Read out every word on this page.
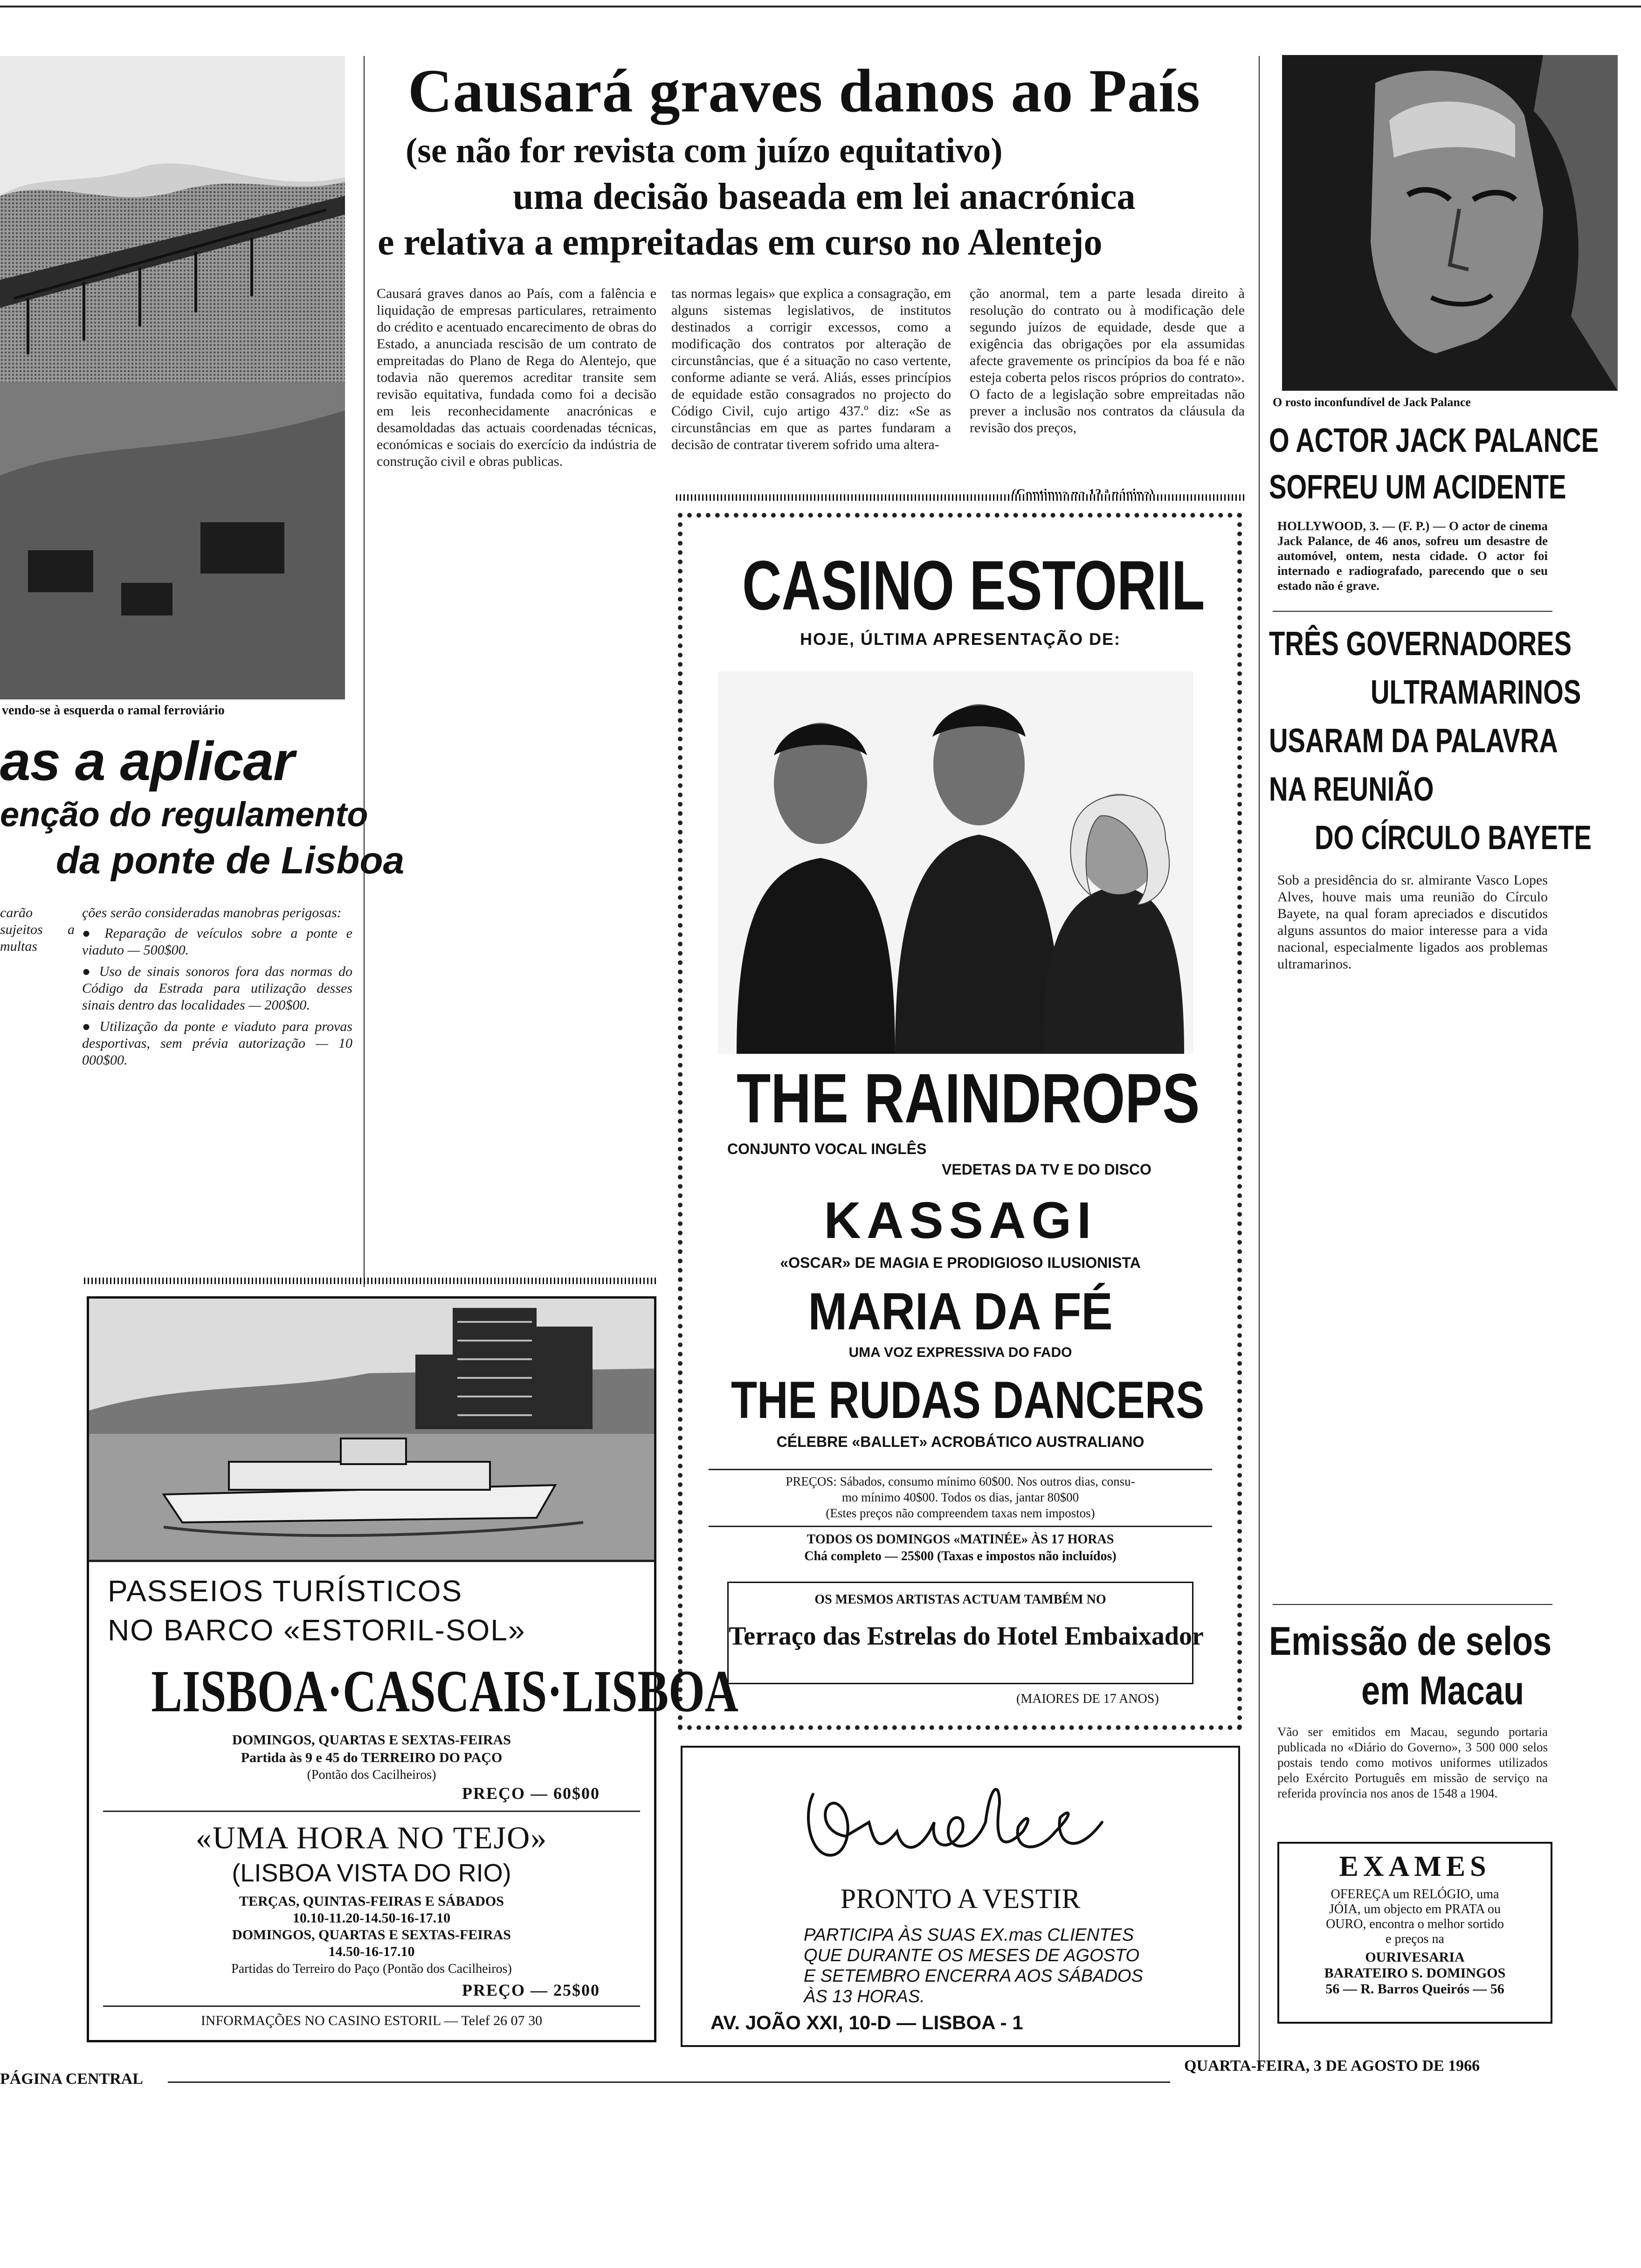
vendo-se à esquerda o ramal ferroviário
as a aplicar
enção do regulamento
da ponte de Lisboa
carão sujeitos a multas
ções serão consideradas manobras perigosas:
● Reparação de veículos sobre a ponte e viaduto — 500$00.
● Uso de sinais sonoros fora das normas do Código da Estrada para utilização desses sinais dentro das localidades — 200$00.
● Utilização da ponte e viaduto para provas desportivas, sem prévia autorização — 10 000$00.
Causará graves danos ao País
(se não for revista com juízo equitativo)
uma decisão baseada em lei anacrónica
e relativa a empreitadas em curso no Alentejo
Causará graves danos ao País, com a falência e liquidação de empresas particulares, retraimento do crédito e acentuado encarecimento de obras do Estado, a anunciada rescisão de um contrato de empreitadas do Plano de Rega do Alentejo, que todavia não queremos acreditar transite sem revisão equitativa, fundada como foi a decisão em leis reconhecidamente anacrónicas e desamoldadas das actuais coordenadas técnicas, económicas e sociais do exercício da indústria de construção civil e obras publicas.
tas normas legais» que explica a consagração, em alguns sistemas legislativos, de institutos destinados a corrigir excessos, como a modificação dos contratos por alteração de circunstâncias, que é a situação no caso vertente, conforme adiante se verá. Aliás, esses princípios de equidade estão consagrados no projecto do Código Civil, cujo artigo 437.º diz: «Se as circunstâncias em que as partes fundaram a decisão de contratar tiverem sofrido uma altera-
ção anormal, tem a parte lesada direito à resolução do contrato ou à modificação dele segundo juízos de equidade, desde que a exigência das obrigações por ela assumidas afecte gravemente os princípios da boa fé e não esteja coberta pelos riscos próprios do contrato». O facto de a legislação sobre empreitadas não prever a inclusão nos contratos da cláusula da revisão dos preços,
O rosto inconfundível de Jack Palance
O ACTOR JACK PALANCE
SOFREU UM ACIDENTE
HOLLYWOOD, 3. — (F. P.) — O actor de cinema Jack Palance, de 46 anos, sofreu um desastre de automóvel, ontem, nesta cidade. O actor foi internado e radiografado, parecendo que o seu estado não é grave.
TRÊS GOVERNADORES
ULTRAMARINOS
USARAM DA PALAVRA
NA REUNIÃO
DO CÍRCULO BAYETE
Sob a presidência do sr. almirante Vasco Lopes Alves, houve mais uma reunião do Círculo Bayete, na qual foram apreciados e discutidos alguns assuntos do maior interesse para a vida nacional, especialmente ligados aos problemas ultramarinos.
Emissão de selos
em Macau
Vão ser emitidos em Macau, segundo portaria publicada no «Diário do Governo», 3 500 000 selos postais tendo como motivos uniformes utilizados pelo Exército Português em missão de serviço na referida província nos anos de 1548 a 1904.
EXAMES
OFEREÇA um RELÓGIO, uma
JÓIA, um objecto em PRATA ou
OURO, encontra o melhor sortido
e preços na
OURIVESARIA
BARATEIRO S. DOMINGOS
56 — R. Barros Queirós — 56
CASINO ESTORIL
HOJE, ÚLTIMA APRESENTAÇÃO DE:
THE RAINDROPS
CONJUNTO VOCAL INGLÊS
VEDETAS DA TV E DO DISCO
KASSAGI
«OSCAR» DE MAGIA E PRODIGIOSO ILUSIONISTA
MARIA DA FÉ
UMA VOZ EXPRESSIVA DO FADO
THE RUDAS DANCERS
CÉLEBRE «BALLET» ACROBÁTICO AUSTRALIANO
PREÇOS: Sábados, consumo mínimo 60$00. Nos outros dias, consu-
mo mínimo 40$00. Todos os dias, jantar 80$00
(Estes preços não compreendem taxas nem impostos)
TODOS OS DOMINGOS «MATINÉE» ÀS 17 HORAS
Chá completo — 25$00 (Taxas e impostos não incluídos)
OS MESMOS ARTISTAS ACTUAM TAMBÉM NO
Terraço das Estrelas do Hotel Embaixador
(MAIORES DE 17 ANOS)
PRONTO A VESTIR
PARTICIPA ÀS SUAS EX.mas CLIENTES
QUE DURANTE OS MESES DE AGOSTO
E SETEMBRO ENCERRA AOS SÁBADOS
ÀS 13 HORAS.
AV. JOÃO XXI, 10-D — LISBOA - 1
PASSEIOS TURÍSTICOS
NO BARCO «ESTORIL-SOL»
LISBOA·CASCAIS·LISBOA
DOMINGOS, QUARTAS E SEXTAS-FEIRAS
Partida às 9 e 45 do TERREIRO DO PAÇO
(Pontão dos Cacilheiros)
PREÇO — 60$00
«UMA HORA NO TEJO»
(LISBOA VISTA DO RIO)
TERÇAS, QUINTAS-FEIRAS E SÁBADOS
10.10-11.20-14.50-16-17.10
DOMINGOS, QUARTAS E SEXTAS-FEIRAS
14.50-16-17.10
Partidas do Terreiro do Paço (Pontão dos Cacilheiros)
PREÇO — 25$00
INFORMAÇÕES NO CASINO ESTORIL — Telef 26 07 30
PÁGINA CENTRAL
QUARTA-FEIRA, 3 DE AGOSTO DE 1966
